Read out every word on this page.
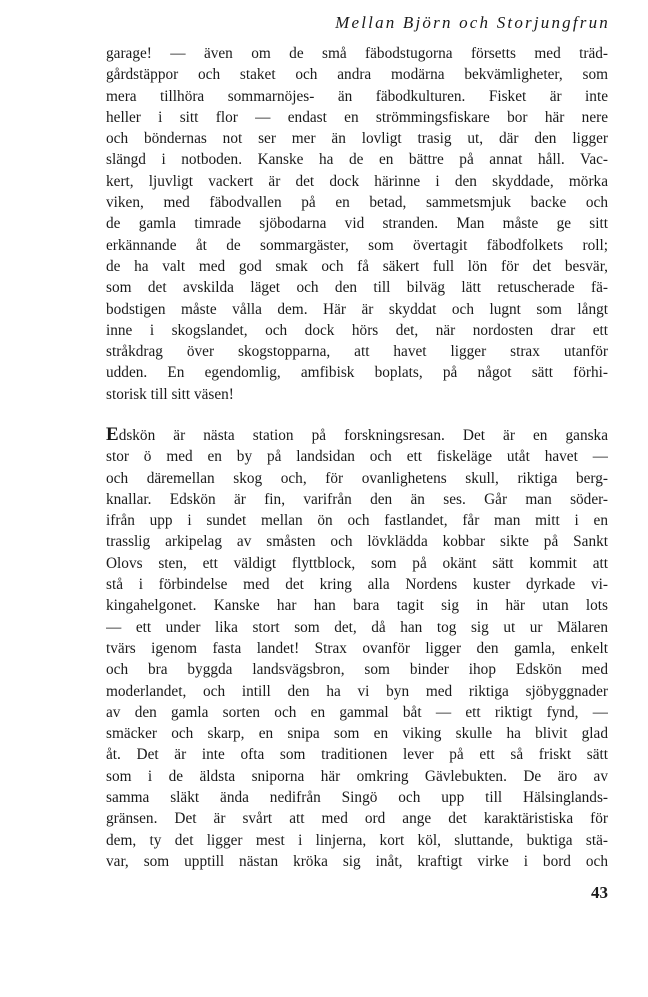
Mellan Björn och Storjungfrun
garage! — även om de små fäbodstugorna försetts med träd-
gårdstäppor och staket och andra modärna bekvämligheter, som
mera tillhöra sommarnöjes- än fäbodkulturen. Fisket är inte
heller i sitt flor — endast en strömmingsfiskare bor här nere
och böndernas not ser mer än lovligt trasig ut, där den ligger
slängd i notboden. Kanske ha de en bättre på annat håll. Vac-
kert, ljuvligt vackert är det dock härinne i den skyddade, mörka
viken, med fäbodvallen på en betad, sammetsmjuk backe och
de gamla timrade sjöbodarna vid stranden. Man måste ge sitt
erkännande åt de sommargäster, som övertagit fäbodfolkets roll;
de ha valt med god smak och få säkert full lön för det besvär,
som det avskilda läget och den till bilväg lätt retuscherade fä-
bodstigen måste vålla dem. Här är skyddat och lugnt som långt
inne i skogslandet, och dock hörs det, när nordosten drar ett
stråkdrag över skogstopparna, att havet ligger strax utanför
udden. En egendomlig, amfibisk boplats, på något sätt förhi-
storisk till sitt väsen!
Edskön är nästa station på forskningsresan. Det är en ganska
stor ö med en by på landsidan och ett fiskeläge utåt havet —
och däremellan skog och, för ovanlighetens skull, riktiga berg-
knallar. Edskön är fin, varifrån den än ses. Går man söder-
ifrån upp i sundet mellan ön och fastlandet, får man mitt i en
trasslig arkipelag av småsten och lövklädda kobbar sikte på Sankt
Olovs sten, ett väldigt flyttblock, som på okänt sätt kommit att
stå i förbindelse med det kring alla Nordens kuster dyrkade vi-
kingahelgonet. Kanske har han bara tagit sig in här utan lots
— ett under lika stort som det, då han tog sig ut ur Mälaren
tvärs igenom fasta landet! Strax ovanför ligger den gamla, enkelt
och bra byggda landsvägsbron, som binder ihop Edskön med
moderlandet, och intill den ha vi byn med riktiga sjöbyggnader
av den gamla sorten och en gammal båt — ett riktigt fynd, —
smäcker och skarp, en snipa som en viking skulle ha blivit glad
åt. Det är inte ofta som traditionen lever på ett så friskt sätt
som i de äldsta sniporna här omkring Gävlebukten. De äro av
samma släkt ända nedifrån Singö och upp till Hälsinglands-
gränsen. Det är svårt att med ord ange det karaktäristiska för
dem, ty det ligger mest i linjerna, kort köl, sluttande, buktiga stä-
var, som upptill nästan kröka sig inåt, kraftigt virke i bord och
43
